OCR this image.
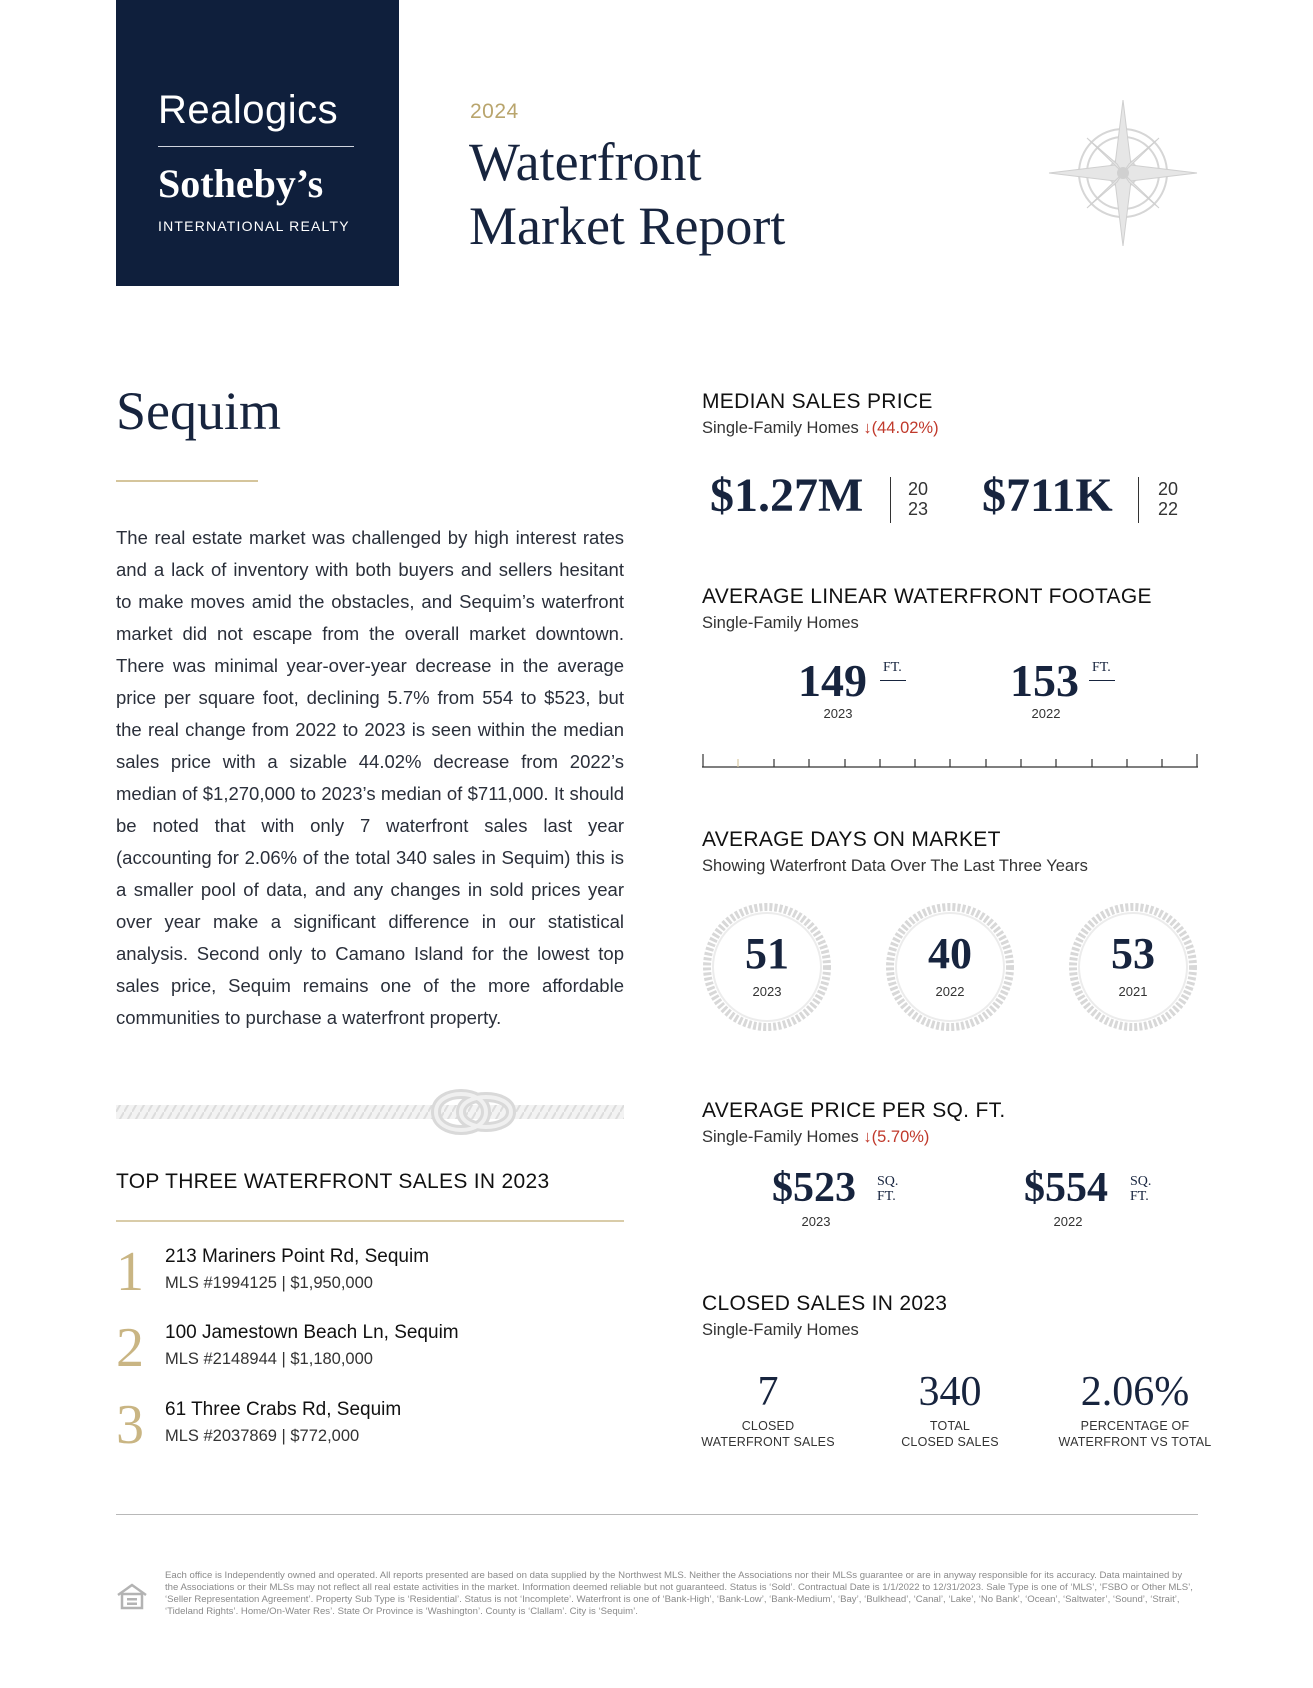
Realogics
Sotheby’s
INTERNATIONAL REALTY
2024
Waterfront
Market Report
Sequim
The real estate market was challenged by high interest rates and a lack of inventory with both buyers and sellers hesitant to make moves amid the obstacles, and Sequim’s waterfront market did not escape from the overall market downtown. There was minimal year-over-year decrease in the average price per square foot, declining 5.7% from 554 to $523, but the real change from 2022 to 2023 is seen within the median sales price with a sizable 44.02% decrease from 2022’s median of $1,270,000 to 2023’s median of $711,000. It should be noted that with only 7 waterfront sales last year (accounting for 2.06% of the total 340 sales in Sequim) this is a smaller pool of data, and any changes in sold prices year over year make a significant difference in our statistical analysis. Second only to Camano Island for the lowest top sales price, Sequim remains one of the more affordable communities to purchase a waterfront property.
TOP THREE WATERFRONT SALES IN 2023
1 213 Mariners Point Rd, Sequim
MLS #1994125 | $1,950,000
2 100 Jamestown Beach Ln, Sequim
MLS #2148944 | $1,180,000
3 61 Three Crabs Rd, Sequim
MLS #2037869 | $772,000
MEDIAN SALES PRICE
Single-Family Homes ↓(44.02%)
$1.27M 20
23 $711K	20
22
AVERAGE LINEAR WATERFRONT FOOTAGE
Single-Family Homes
149 FT.
2023
153 FT.
2022
AVERAGE DAYS ON MARKET
Showing Waterfront Data Over The Last Three Years
51
2023
40
2022
53
2021
AVERAGE PRICE PER SQ. FT.
Single-Family Homes ↓(5.70%)
$523 SQ.
FT.
2023
$554 SQ.
FT.
2022
CLOSED SALES IN 2023
Single-Family Homes
7
CLOSED
WATERFRONT SALES
340
TOTAL
CLOSED SALES
2.06%
PERCENTAGE OF
WATERFRONT VS TOTAL
Each office is Independently owned and operated. All reports presented are based on data supplied by the Northwest MLS. Neither the Associations nor their MLSs guarantee or are in anyway responsible for its accuracy. Data maintained by the Associations or their MLSs may not reflect all real estate activities in the market. Information deemed reliable but not guaranteed. Status is ‘Sold’. Contractual Date is 1/1/2022 to 12/31/2023. Sale Type is one of ‘MLS’, ‘FSBO or Other MLS’, ‘Seller Representation Agreement’. Property Sub Type is ‘Residential’. Status is not ‘Incomplete’. Waterfront is one of ‘Bank-High’, ‘Bank-Low’, ‘Bank-Medium’, ‘Bay’, ‘Bulkhead’, ‘Canal’, ‘Lake’, ‘No Bank’, ‘Ocean’, ‘Saltwater’, ‘Sound’, ‘Strait’, ‘Tideland Rights’. Home/On-Water Res’. State Or Province is ‘Washington’. County is ‘Clallam’. City is ‘Sequim’.
